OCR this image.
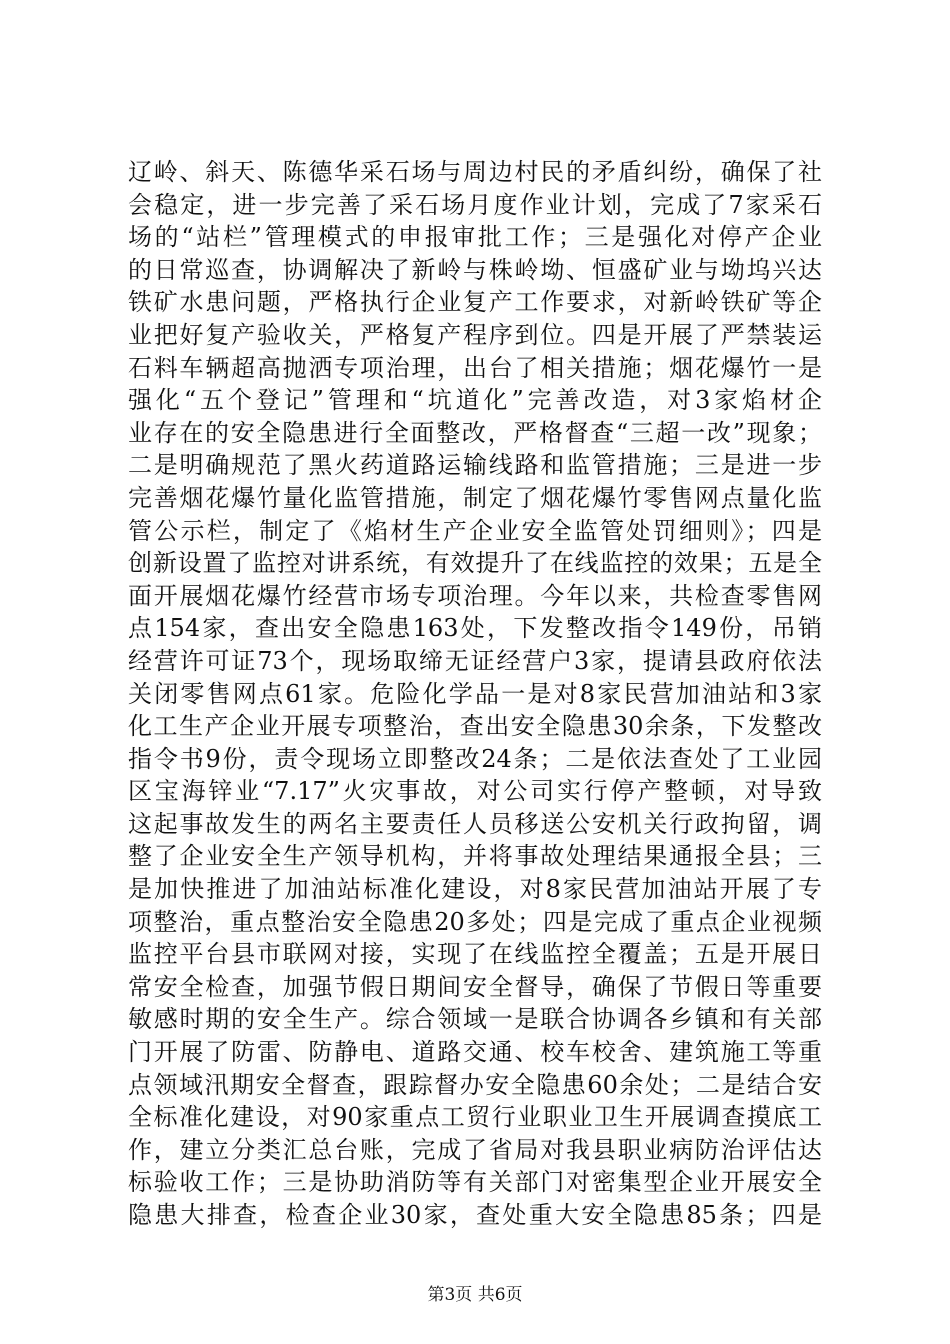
辽岭、斜天、陈德华采石场与周边村民的矛盾纠纷，确保了社
会稳定，进一步完善了采石场月度作业计划，完成了7家采石
场的“站栏”管理模式的申报审批工作；三是强化对停产企业
的日常巡查，协调解决了新岭与株岭坳、恒盛矿业与坳坞兴达
铁矿水患问题，严格执行企业复产工作要求，对新岭铁矿等企
业把好复产验收关，严格复产程序到位。四是开展了严禁装运
石料车辆超高抛洒专项治理，出台了相关措施；烟花爆竹一是
强化“五个登记”管理和“坑道化”完善改造，对3家焰材企
业存在的安全隐患进行全面整改，严格督查“三超一改”现象；
二是明确规范了黑火药道路运输线路和监管措施；三是进一步
完善烟花爆竹量化监管措施，制定了烟花爆竹零售网点量化监
管公示栏，制定了《焰材生产企业安全监管处罚细则》；四是
创新设置了监控对讲系统，有效提升了在线监控的效果；五是全
面开展烟花爆竹经营市场专项治理。今年以来，共检查零售网
点154家，查出安全隐患163处，下发整改指令149份，吊销
经营许可证73个，现场取缔无证经营户3家，提请县政府依法
关闭零售网点61家。危险化学品一是对8家民营加油站和3家
化工生产企业开展专项整治，查出安全隐患30余条，下发整改
指令书9份，责令现场立即整改24条；二是依法查处了工业园
区宝海锌业“7.17”火灾事故，对公司实行停产整顿，对导致
这起事故发生的两名主要责任人员移送公安机关行政拘留，调
整了企业安全生产领导机构，并将事故处理结果通报全县；三
是加快推进了加油站标准化建设，对8家民营加油站开展了专
项整治，重点整治安全隐患20多处；四是完成了重点企业视频
监控平台县市联网对接，实现了在线监控全覆盖；五是开展日
常安全检查，加强节假日期间安全督导，确保了节假日等重要
敏感时期的安全生产。综合领域一是联合协调各乡镇和有关部
门开展了防雷、防静电、道路交通、校车校舍、建筑施工等重
点领域汛期安全督查，跟踪督办安全隐患60余处；二是结合安
全标准化建设，对90家重点工贸行业职业卫生开展调查摸底工
作，建立分类汇总台账，完成了省局对我县职业病防治评估达
标验收工作；三是协助消防等有关部门对密集型企业开展安全
隐患大排查，检查企业30家，查处重大安全隐患85条；四是
第3页 共6页
